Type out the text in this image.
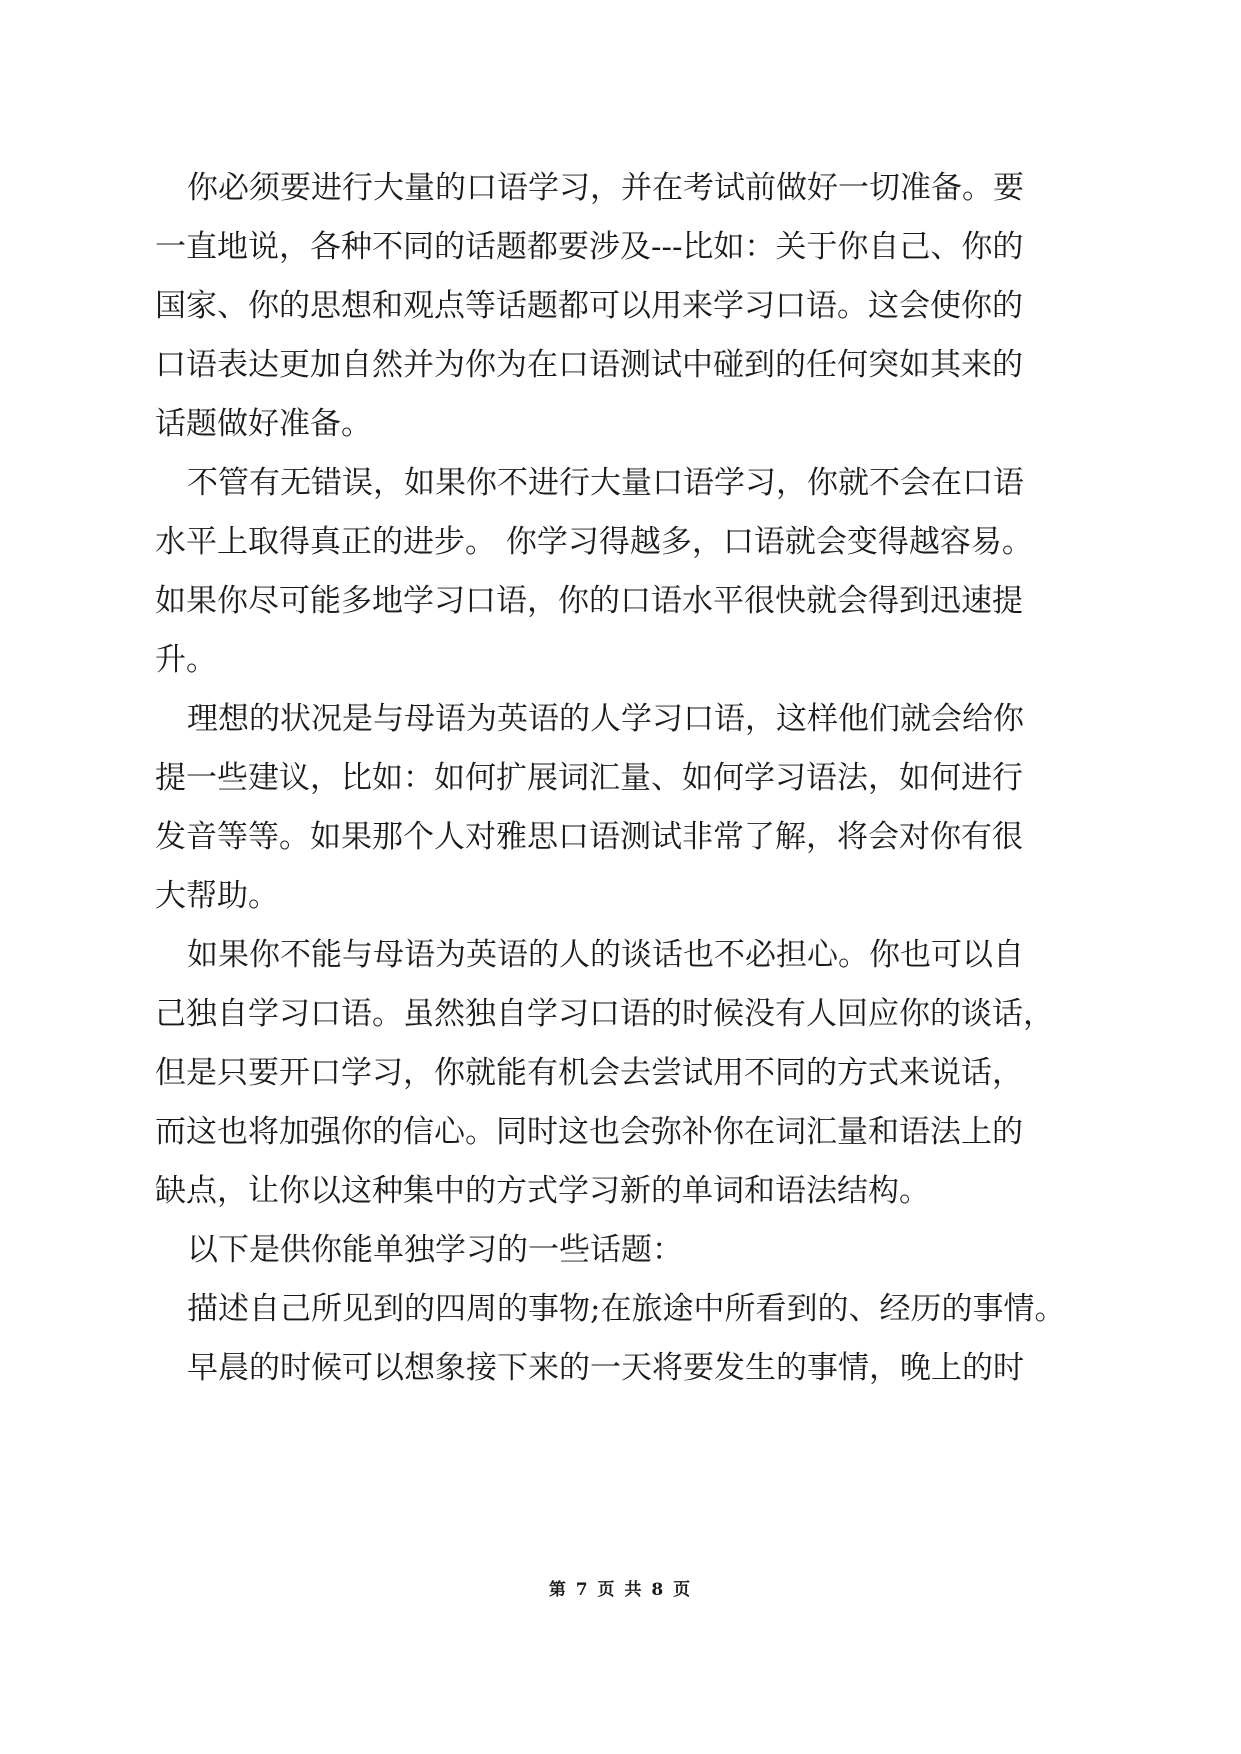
你必须要进行大量的口语学习，并在考试前做好一切准备。要
一直地说，各种不同的话题都要涉及---比如：关于你自己、你的
国家、你的思想和观点等话题都可以用来学习口语。这会使你的
口语表达更加自然并为你为在口语测试中碰到的任何突如其来的
话题做好准备。
不管有无错误，如果你不进行大量口语学习，你就不会在口语
水平上取得真正的进步。 你学习得越多，口语就会变得越容易。
如果你尽可能多地学习口语，你的口语水平很快就会得到迅速提
升。
理想的状况是与母语为英语的人学习口语，这样他们就会给你
提一些建议，比如：如何扩展词汇量、如何学习语法，如何进行
发音等等。如果那个人对雅思口语测试非常了解，将会对你有很
大帮助。
如果你不能与母语为英语的人的谈话也不必担心。你也可以自
己独自学习口语。虽然独自学习口语的时候没有人回应你的谈话，
但是只要开口学习，你就能有机会去尝试用不同的方式来说话，
而这也将加强你的信心。同时这也会弥补你在词汇量和语法上的
缺点，让你以这种集中的方式学习新的单词和语法结构。
以下是供你能单独学习的一些话题：
描述自己所见到的四周的事物;在旅途中所看到的、经历的事情。
早晨的时候可以想象接下来的一天将要发生的事情，晚上的时
第 7 页 共 8 页
